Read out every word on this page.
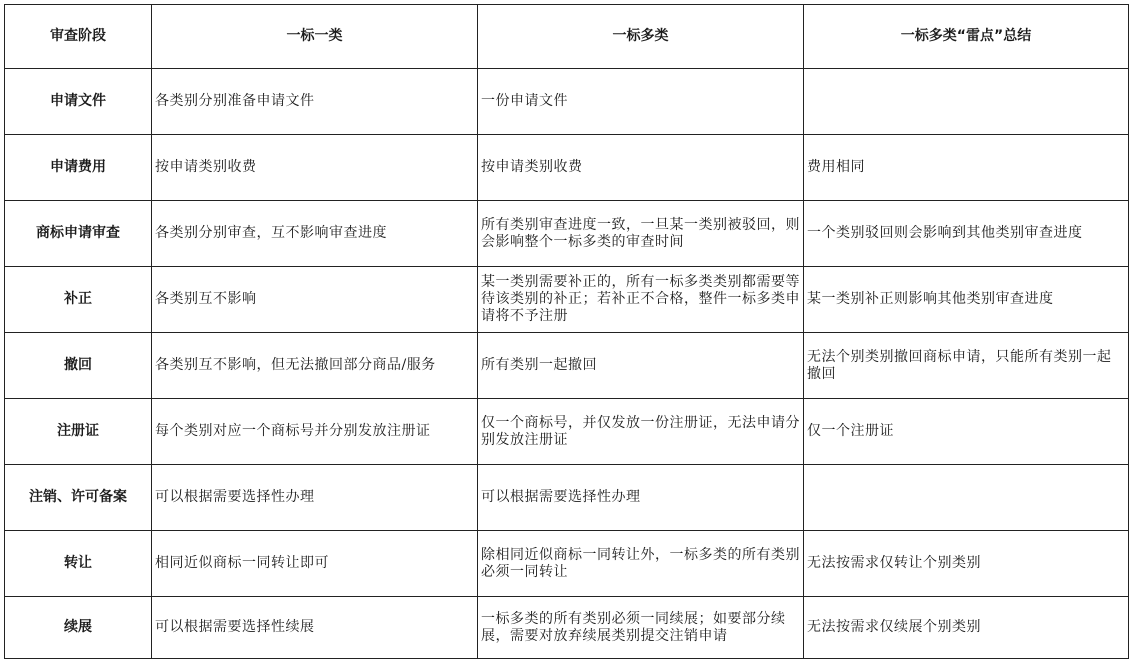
审查阶段	一标一类	一标多类	一标多类“雷点”总结
申请文件	各类别分别准备申请文件	一份申请文件	
申请费用	按申请类别收费	按申请类别收费	费用相同
商标申请审查	各类别分别审查，互不影响审查进度	所有类别审查进度一致，一旦某一类别被驳回，则会影响整个一标多类的审查时间	一个类别驳回则会影响到其他类别审查进度
补正	各类别互不影响	某一类别需要补正的，所有一标多类类别都需要等待该类别的补正；若补正不合格，整件一标多类申请将不予注册	某一类别补正则影响其他类别审查进度
撤回	各类别互不影响，但无法撤回部分商品/服务	所有类别一起撤回	无法个别类别撤回商标申请，只能所有类别一起撤回
注册证	每个类别对应一个商标号并分别发放注册证	仅一个商标号，并仅发放一份注册证，无法申请分别发放注册证	仅一个注册证
注销、许可备案	可以根据需要选择性办理	可以根据需要选择性办理	
转让	相同近似商标一同转让即可	除相同近似商标一同转让外，一标多类的所有类别必须一同转让	无法按需求仅转让个别类别
续展	可以根据需要选择性续展	一标多类的所有类别必须一同续展；如要部分续展，需要对放弃续展类别提交注销申请	无法按需求仅续展个别类别
